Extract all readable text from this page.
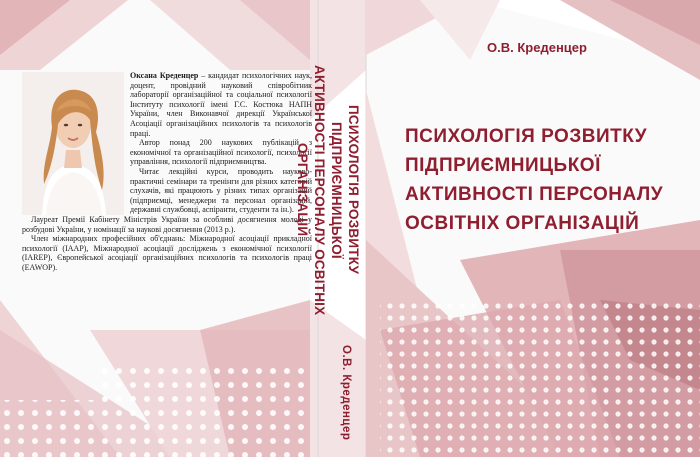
Оксана Креденцер – кандидат психологічних наук, доцент, провідний науковий співробітник лабораторії організаційної та соціальної психології Інституту психології імені Г.С. Костюка НАПН України, член Виконавчої дирекції Української Асоціації організаційних психологів та психологів праці.
Автор понад 200 наукових публікацій з економічної та організаційної психології, психології управління, психології підприємництва.
Читає лекційні курси, проводить науково-практичні семінари та тренінги для різних категорій слухачів, які працюють у різних типах організацій (підприємці, менеджери та персонал організацій, державні службовці, аспіранти, студенти та ін.).
Лауреат Премії Кабінету Міністрів України за особливі досягнення молоді у розбудові України, у номінації за наукові досягнення (2013 р.).
Член міжнародних професійних об'єднань: Міжнародної асоціації прикладної психології (IAAP), Міжнародної асоціації досліджень з економічної психології (IAREP), Європейської асоціації організаційних психологів та психологів праці (EAWOP).	ПСИХОЛОГІЯ РОЗВИТКУ ПІДПРИЄМНИЦЬКОЇ
АКТИВНОСТІ ПЕРСОНАЛУ ОСВІТНІХ ОРГАНІЗАЦІЙ
О.В. Креденцер
О.В. Креденцер
ПСИХОЛОГІЯ РОЗВИТКУ
ПІДПРИЄМНИЦЬКОЇ
АКТИВНОСТІ ПЕРСОНАЛУ
ОСВІТНІХ ОРГАНІЗАЦІЙ
